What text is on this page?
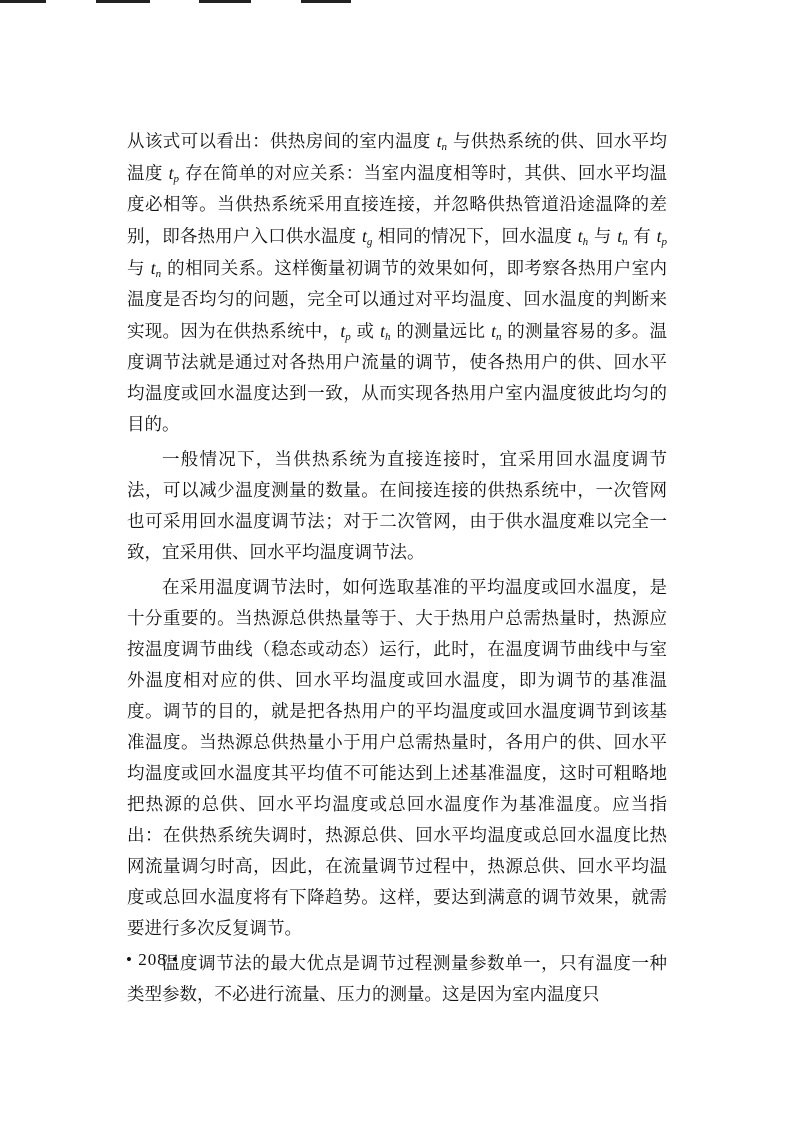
从该式可以看出：供热房间的室内温度 $t_n$ 与供热系统的供、回水平均温度 $t_p$ 存在简单的对应关系：当室内温度相等时，其供、回水平均温度必相等。当供热系统采用直接连接，并忽略供热管道沿途温降的差别，即各热用户入口供水温度 $t_g$ 相同的情况下，回水温度 $t_h$ 与 $t_n$ 有 $t_p$ 与 $t_n$ 的相同关系。这样衡量初调节的效果如何，即考察各热用户室内温度是否均匀的问题，完全可以通过对平均温度、回水温度的判断来实现。因为在供热系统中，$t_p$ 或 $t_h$ 的测量远比 $t_n$ 的测量容易的多。温度调节法就是通过对各热用户流量的调节，使各热用户的供、回水平均温度或回水温度达到一致，从而实现各热用户室内温度彼此均匀的目的。

一般情况下，当供热系统为直接连接时，宜采用回水温度调节法，可以减少温度测量的数量。在间接连接的供热系统中，一次管网也可采用回水温度调节法；对于二次管网，由于供水温度难以完全一致，宜采用供、回水平均温度调节法。

在采用温度调节法时，如何选取基准的平均温度或回水温度，是十分重要的。当热源总供热量等于、大于热用户总需热量时，热源应按温度调节曲线（稳态或动态）运行，此时，在温度调节曲线中与室外温度相对应的供、回水平均温度或回水温度，即为调节的基准温度。调节的目的，就是把各热用户的平均温度或回水温度调节到该基准温度。当热源总供热量小于用户总需热量时，各用户的供、回水平均温度或回水温度其平均值不可能达到上述基准温度，这时可粗略地把热源的总供、回水平均温度或总回水温度作为基准温度。应当指出：在供热系统失调时，热源总供、回水平均温度或总回水温度比热网流量调匀时高，因此，在流量调节过程中，热源总供、回水平均温度或总回水温度将有下降趋势。这样，要达到满意的调节效果，就需要进行多次反复调节。

温度调节法的最大优点是调节过程测量参数单一，只有温度一种类型参数，不必进行流量、压力的测量。这是因为室内温度只

• 208 •
